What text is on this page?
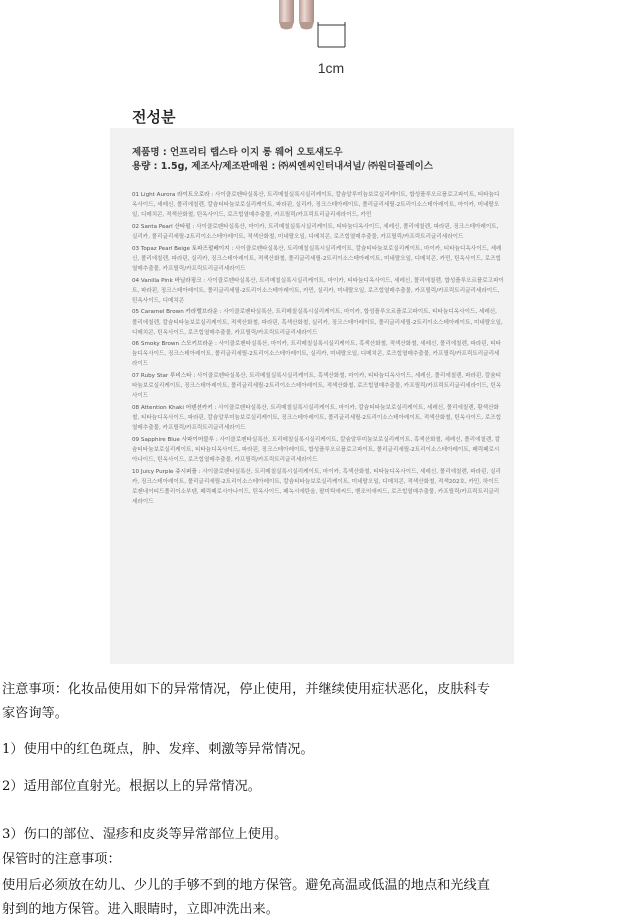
1cm
전성분
제품명 : 언프리티 랩스타 이지 롱 웨어 오토섀도우
용량 : 1.5g, 제조사/제조판매원 : ㈜씨엔씨인터내셔널/ ㈜원더플레이스
01 Light Aurora 라이트오로라 : 사이클로펜타실록산, 트리메칠실록시실리케이트, 칼슘알루미늄보로실리케이트, 합성플루오르플로고파이트, 티타늄디옥사이드, 세레신, 폴리에칠렌, 칼슘티타늄보로실리케이트, 파라핀, 실리카, 징크스테아레이트, 폴리글리세릴-2트리이소스테아레이트, 마이카, 미네랄오일, 디메치콘, 적색산화철, 틴옥사이드, 로즈힙열매추출물, 카프릴릭/카프릭트리글리세라이드, 카민
02 Santa Pearl 산타펄 : 사이클로펜타실록산, 마이카, 트리메칠실록시실리케이트, 티타늄디옥사이드, 세레신, 폴리에칠렌, 파라핀, 징크스테아레이트, 실리카, 폴리글리세릴-2트리이소스테아레이트, 적색산화철, 미네랄오일, 디메치콘, 로즈힙열매추출물, 카프릴릭/카프릭트리글리세라이드
03 Topaz Pearl Beige 토파즈펄베이지 : 사이클로펜타실록산, 트리메칠실록시실리케이트, 칼슘티타늄보로실리케이트, 마이카, 티타늄디옥사이드, 세레신, 폴리에칠렌, 파라핀, 실리카, 징크스테아레이트, 적색산화철, 폴리글리세릴-2트리이소스테아레이트, 미네랄오일, 디메치콘, 카민, 틴옥사이드, 로즈힙열매추출물, 카프릴릭/카프릭트리글리세라이드
04 Vanilla Pink 바닐라핑크 : 사이클로펜타실록산, 트리메칠실록시실리케이트, 마이카, 티타늄디옥사이드, 세레신, 폴리에칠렌, 합성플루오르플로고파이트, 파라핀, 징크스테아레이트, 폴리글리세릴-2트리이소스테아레이트, 카민, 실리카, 미네랄오일, 로즈힙열매추출물, 카프릴릭/카프릭트리글리세라이드, 틴옥사이드, 디메치콘
05 Caramel Brown 카라멜브라운 : 사이클로펜타실록산, 트리메칠실록시실리케이트, 마이카, 합성플루오르플로고파이트, 티타늄디옥사이드, 세레신, 폴리에칠렌, 칼슘티타늄보로실리케이트, 적색산화철, 파라핀, 흑색산화철, 실리카, 징크스테아레이트, 폴리글리세릴-2트리이소스테아레이트, 미네랄오일, 디메치콘, 틴옥사이드, 로즈힙열매추출물, 카프릴릭/카프릭트리글리세라이드
06 Smoky Brown 스모키브라운 : 사이클로펜타실록산, 마이카, 트리메칠실록시실리케이트, 흑색산화철, 적색산화철, 세레신, 폴리에칠렌, 파라핀, 티타늄디옥사이드, 징크스테아레이트, 폴리글리세릴-2트리이소스테아레이트, 실리카, 미네랄오일, 디메치콘, 로즈힙열매추출물, 카프릴릭/카프릭트리글리세라이드
07 Ruby Star 루비스타 : 사이클로펜타실록산, 트리메칠실록시실리케이트, 흑색산화철, 마이카, 티타늄디옥사이드, 세레신, 폴리에칠렌, 파라핀, 칼슘티타늄보로실리케이트, 징크스테아레이트, 폴리글리세릴-2트리이소스테아레이트, 적색산화철, 로즈힙열매추출물, 카프릴릭/카프릭트리글리세라이드, 틴옥사이드
08 Attention Khaki 어텐션카키 : 사이클로펜타실록산, 트리메칠실록시실리케이트, 마이카, 칼슘티타늄보로실리케이트, 세레신, 폴리에칠렌, 황색산화철, 티타늄디옥사이드, 파라핀, 칼슘알루미늄보로실리케이트, 징크스테아레이트, 폴리글리세릴-2트리이소스테아레이트, 적색산화철, 틴옥사이드, 로즈힙열매추출물, 카프릴릭/카프릭트리글리세라이드
09 Sapphire Blue 사파이어블루 : 사이클로펜타실록산, 트리메칠실록시실리케이트, 칼슘알루미늄보로실리케이트, 흑색산화철, 세레신, 폴리에칠렌, 칼슘티타늄보로실리케이트, 티타늄디옥사이드, 파라핀, 징크스테아레이트, 합성플루오르플로고파이트, 폴리글리세릴-2트리이소스테아레이트, 페릭페로시아나이드, 틴옥사이드, 로즈힙열매추출물, 카프릴릭/카프릭트리글리세라이드
10 Juicy Purple 쥬시퍼플 : 사이클로펜타실록산, 트리메칠실록시실리케이트, 마이카, 흑색산화철, 티타늄디옥사이드, 세레신, 폴리에칠렌, 파라핀, 실리카, 징크스테아레이트, 폴리글리세릴-2트리이소스테아레이트, 칼슘티타늄보로실리케이트, 미네랄오일, 디메치콘, 적색산화철, 적색202호, 카민, 하이드로젠네이티드폴리이소부텐, 페릭페로시아나이드, 틴옥사이드, 페녹시에탄올, 팔미틱애씨드, 벤조익애씨드, 로즈힙열매추출물, 카프릴릭/카프릭트리글리세라이드
注意事项：化妆品使用如下的异常情况，停止使用，并继续使用症状恶化，皮肤科专
家咨询等。
1）使用中的红色斑点，肿、发痒、刺激等异常情况。
2）适用部位直射光。根据以上的异常情况。
3）伤口的部位、湿疹和皮炎等异常部位上使用。
保管时的注意事项：
使用后必须放在幼儿、少儿的手够不到的地方保管。避免高温或低温的地点和光线直
射到的地方保管。进入眼睛时，立即冲洗出来。
